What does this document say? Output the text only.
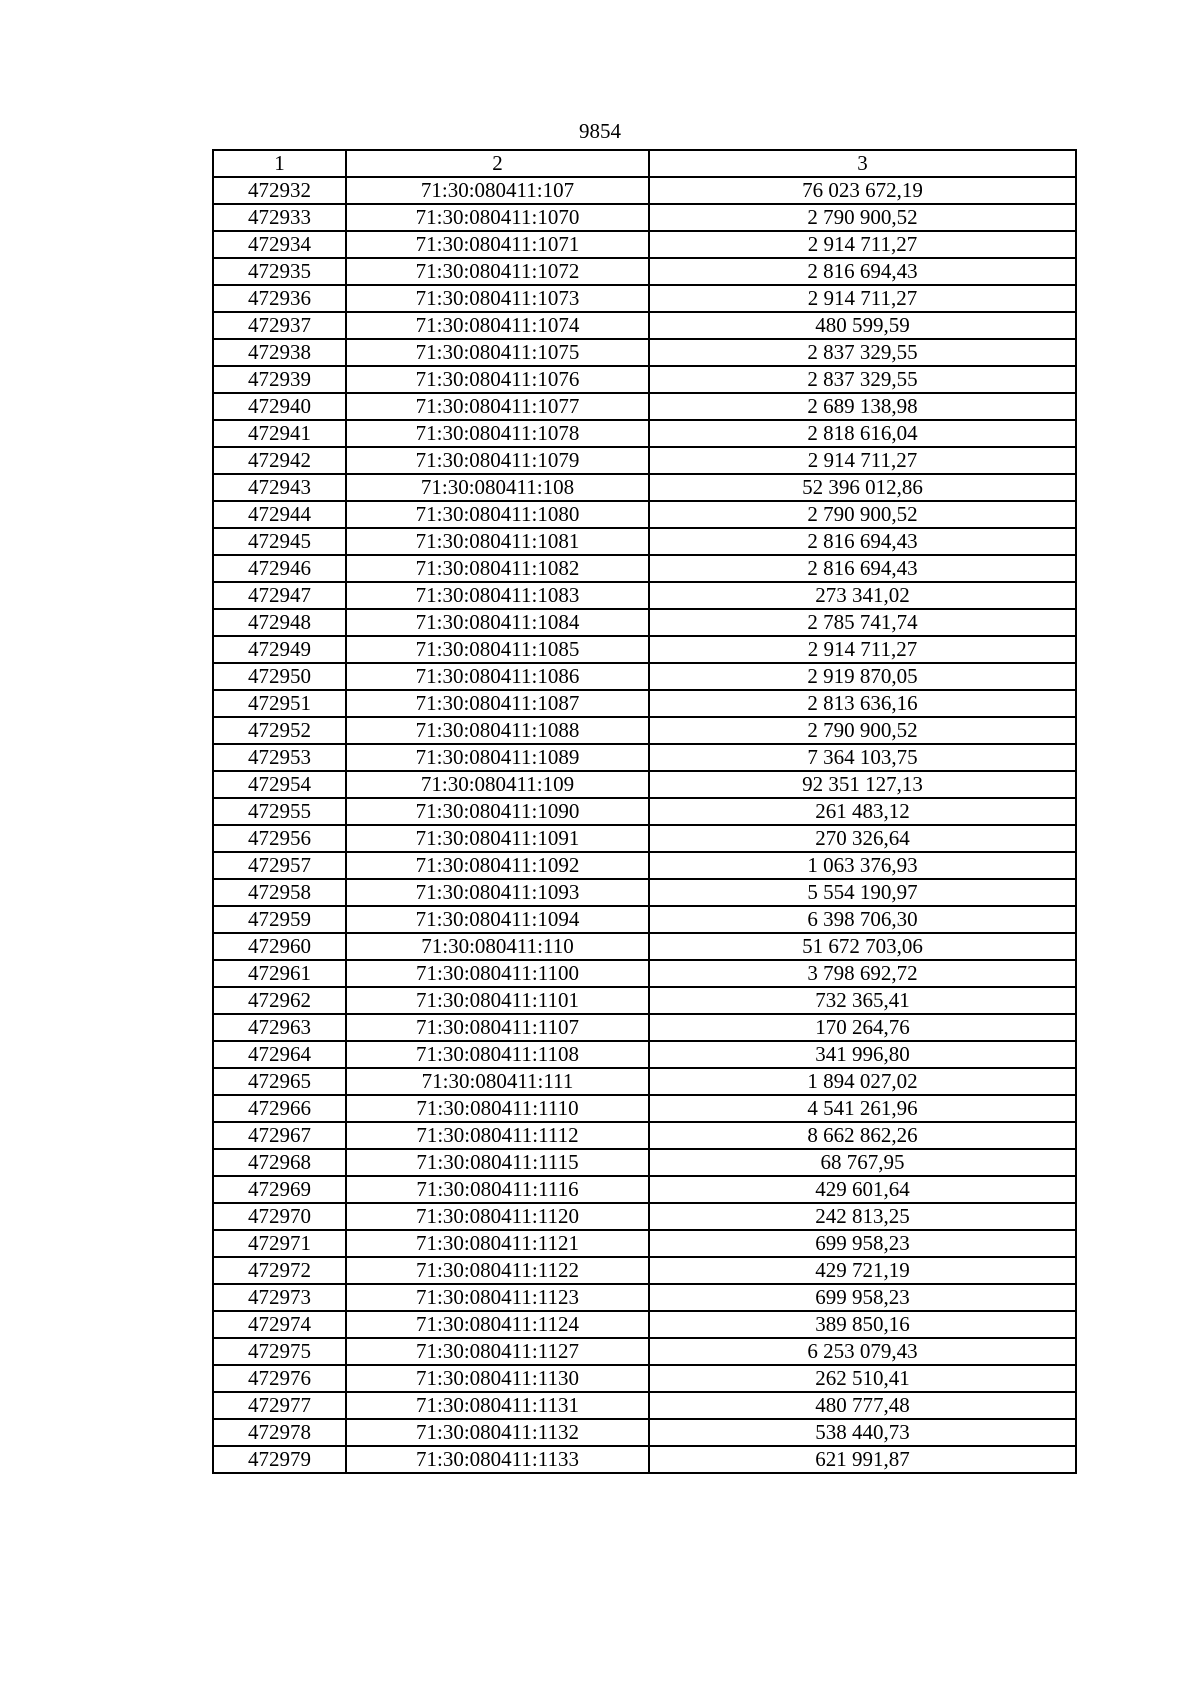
9854
1	2	3
472932	71:30:080411:107	76 023 672,19
472933	71:30:080411:1070	2 790 900,52
472934	71:30:080411:1071	2 914 711,27
472935	71:30:080411:1072	2 816 694,43
472936	71:30:080411:1073	2 914 711,27
472937	71:30:080411:1074	480 599,59
472938	71:30:080411:1075	2 837 329,55
472939	71:30:080411:1076	2 837 329,55
472940	71:30:080411:1077	2 689 138,98
472941	71:30:080411:1078	2 818 616,04
472942	71:30:080411:1079	2 914 711,27
472943	71:30:080411:108	52 396 012,86
472944	71:30:080411:1080	2 790 900,52
472945	71:30:080411:1081	2 816 694,43
472946	71:30:080411:1082	2 816 694,43
472947	71:30:080411:1083	273 341,02
472948	71:30:080411:1084	2 785 741,74
472949	71:30:080411:1085	2 914 711,27
472950	71:30:080411:1086	2 919 870,05
472951	71:30:080411:1087	2 813 636,16
472952	71:30:080411:1088	2 790 900,52
472953	71:30:080411:1089	7 364 103,75
472954	71:30:080411:109	92 351 127,13
472955	71:30:080411:1090	261 483,12
472956	71:30:080411:1091	270 326,64
472957	71:30:080411:1092	1 063 376,93
472958	71:30:080411:1093	5 554 190,97
472959	71:30:080411:1094	6 398 706,30
472960	71:30:080411:110	51 672 703,06
472961	71:30:080411:1100	3 798 692,72
472962	71:30:080411:1101	732 365,41
472963	71:30:080411:1107	170 264,76
472964	71:30:080411:1108	341 996,80
472965	71:30:080411:111	1 894 027,02
472966	71:30:080411:1110	4 541 261,96
472967	71:30:080411:1112	8 662 862,26
472968	71:30:080411:1115	68 767,95
472969	71:30:080411:1116	429 601,64
472970	71:30:080411:1120	242 813,25
472971	71:30:080411:1121	699 958,23
472972	71:30:080411:1122	429 721,19
472973	71:30:080411:1123	699 958,23
472974	71:30:080411:1124	389 850,16
472975	71:30:080411:1127	6 253 079,43
472976	71:30:080411:1130	262 510,41
472977	71:30:080411:1131	480 777,48
472978	71:30:080411:1132	538 440,73
472979	71:30:080411:1133	621 991,87
